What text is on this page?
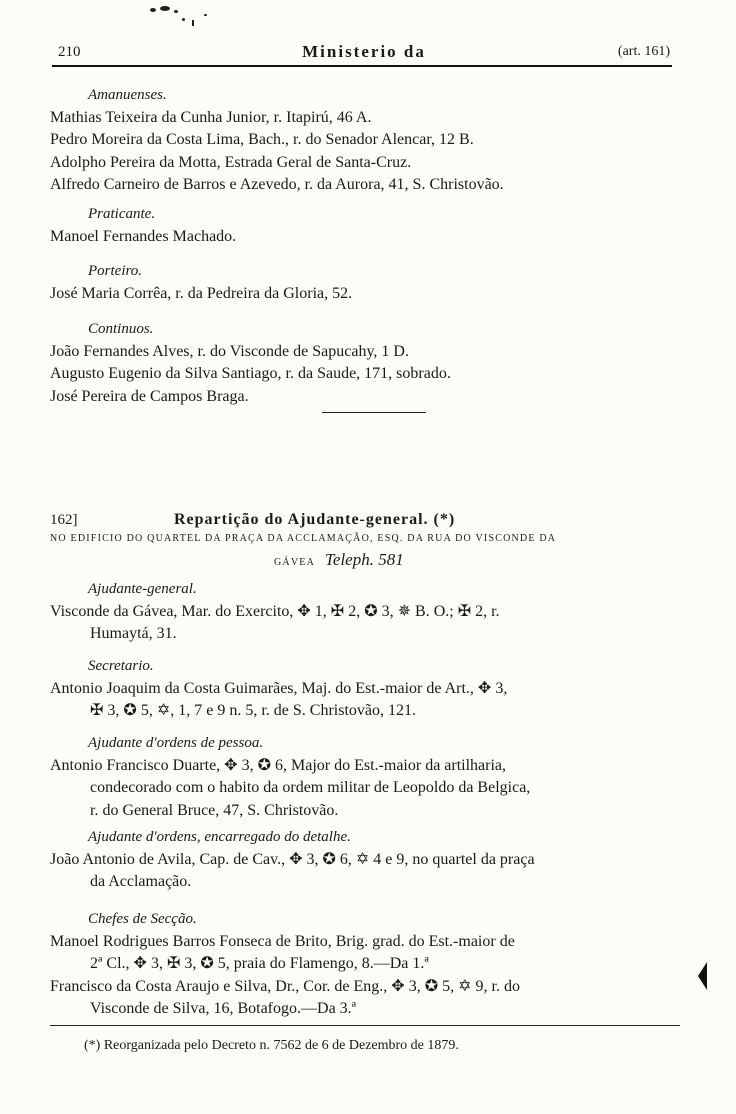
210	Ministerio da	(art. 161)
Amanuenses.
Mathias Teixeira da Cunha Junior, r. Itapirú, 46 A.
Pedro Moreira da Costa Lima, Bach., r. do Senador Alencar, 12 B.
Adolpho Pereira da Motta, Estrada Geral de Santa-Cruz.
Alfredo Carneiro de Barros e Azevedo, r. da Aurora, 41, S. Christovão.
Praticante.
Manoel Fernandes Machado.
Porteiro.
José Maria Corrêa, r. da Pedreira da Gloria, 52.
Continuos.
João Fernandes Alves, r. do Visconde de Sapucahy, 1 D.
Augusto Eugenio da Silva Santiago, r. da Saude, 171, sobrado.
José Pereira de Campos Braga.
162]	Repartição do Ajudante-general. (*)
NO EDIFICIO DO QUARTEL DA PRAÇA DA ACCLAMAÇÃO, ESQ. DA RUA DO VISCONDE DA
GÁVEA Teleph. 581
Ajudante-general.
Visconde da Gávea, Mar. do Exercito, ✥ 1, ✠ 2, ✪ 3, ✵ B. O.; ✠ 2, r.
Humaytá, 31.
Secretario.
Antonio Joaquim da Costa Guimarães, Maj. do Est.-maior de Art., ✥ 3,
✠ 3, ✪ 5, ✡, 1, 7 e 9 n. 5, r. de S. Christovão, 121.
Ajudante d'ordens de pessoa.
Antonio Francisco Duarte, ✥ 3, ✪ 6, Major do Est.-maior da artilharia,
condecorado com o habito da ordem militar de Leopoldo da Belgica,
r. do General Bruce, 47, S. Christovão.
Ajudante d'ordens, encarregado do detalhe.
João Antonio de Avila, Cap. de Cav., ✥ 3, ✪ 6, ✡ 4 e 9, no quartel da praça
da Acclamação.
Chefes de Secção.
Manoel Rodrigues Barros Fonseca de Brito, Brig. grad. do Est.-maior de
2ª Cl., ✥ 3, ✠ 3, ✪ 5, praia do Flamengo, 8.—Da 1.ª
Francisco da Costa Araujo e Silva, Dr., Cor. de Eng., ✥ 3, ✪ 5, ✡ 9, r. do
Visconde de Silva, 16, Botafogo.—Da 3.ª
(*) Reorganizada pelo Decreto n. 7562 de 6 de Dezembro de 1879.
